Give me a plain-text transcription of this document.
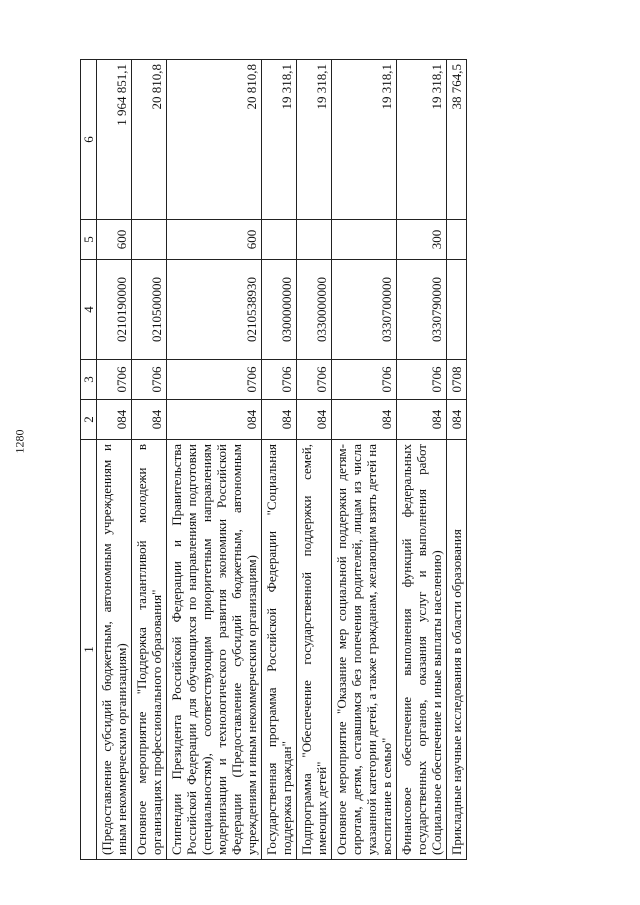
1280
1	2	3	4	5	6
(Предоставление субсидий бюджетным, автономным учреждениям и иным некоммерческим организациям)	084	0706	0210190000	600	1 964 851,1
Основное мероприятие "Поддержка талантливой молодежи в организациях профессионального образования"	084	0706	0210500000		20 810,8
Стипендии Президента Российской Федерации и Правительства Российской Федерации для обучающихся по направлениям подготовки (специальностям), соответствующим приоритетным направлениям модернизации и технологического развития экономики Российской Федерации (Предоставление субсидий бюджетным, автономным учреждениям и иным некоммерческим организациям)	084	0706	0210538930	600	20 810,8
Государственная программа Российской Федерации "Социальная поддержка граждан"	084	0706	0300000000		19 318,1
Подпрограмма "Обеспечение государственной поддержки семей, имеющих детей"	084	0706	0330000000		19 318,1
Основное мероприятие "Оказание мер социальной поддержки детям-сиротам, детям, оставшимся без попечения родителей, лицам из числа указанной категории детей, а также гражданам, желающим взять детей на воспитание в семью"	084	0706	0330700000		19 318,1
Финансовое обеспечение выполнения функций федеральных государственных органов, оказания услуг и выполнения работ (Социальное обеспечение и иные выплаты населению)	084	0706	0330790000	300	19 318,1
Прикладные научные исследования в области образования	084	0708			38 764,5
